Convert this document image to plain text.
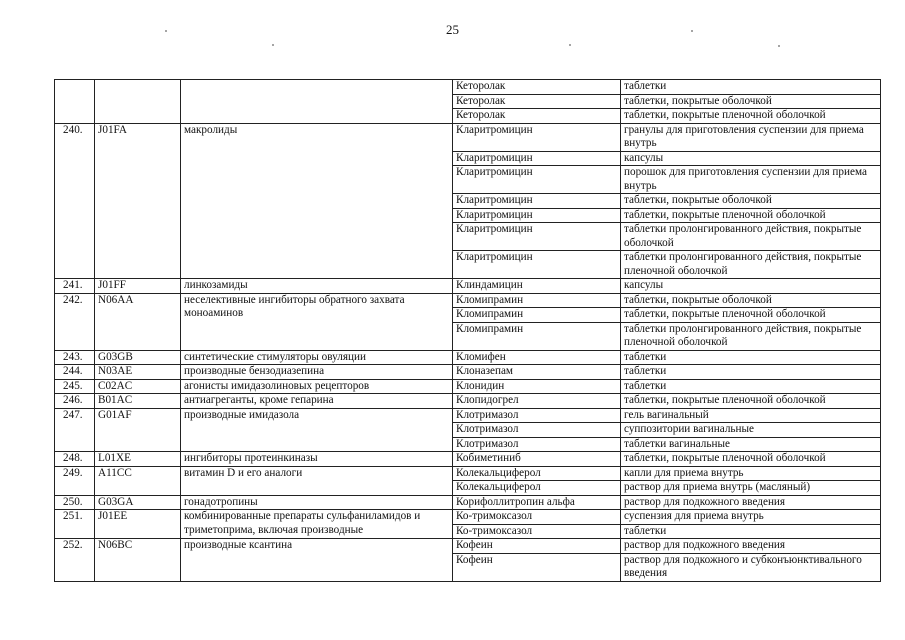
25
			Кеторолак	таблетки
			Кеторолак	таблетки, покрытые оболочкой
			Кеторолак	таблетки, покрытые пленочной оболочкой
240.	J01FA	макролиды	Кларитромицин	гранулы для приготовления суспензии для приема внутрь
			Кларитромицин	капсулы
			Кларитромицин	порошок для приготовления суспензии для приема внутрь
			Кларитромицин	таблетки, покрытые оболочкой
			Кларитромицин	таблетки, покрытые пленочной оболочкой
			Кларитромицин	таблетки пролонгированного действия, покрытые оболочкой
			Кларитромицин	таблетки пролонгированного действия, покрытые пленочной оболочкой
241.	J01FF	линкозамиды	Клиндамицин	капсулы
242.	N06AA	неселективные ингибиторы обратного захвата моноаминов	Кломипрамин	таблетки, покрытые оболочкой
			Кломипрамин	таблетки, покрытые пленочной оболочкой
			Кломипрамин	таблетки пролонгированного действия, покрытые пленочной оболочкой
243.	G03GB	синтетические стимуляторы овуляции	Кломифен	таблетки
244.	N03AE	производные бензодиазепина	Клоназепам	таблетки
245.	C02AC	агонисты имидазолиновых рецепторов	Клонидин	таблетки
246.	B01AC	антиагреганты, кроме гепарина	Клопидогрел	таблетки, покрытые пленочной оболочкой
247.	G01AF	производные имидазола	Клотримазол	гель вагинальный
			Клотримазол	суппозитории вагинальные
			Клотримазол	таблетки вагинальные
248.	L01XE	ингибиторы протеинкиназы	Кобиметиниб	таблетки, покрытые пленочной оболочкой
249.	A11CC	витамин D и его аналоги	Колекальциферол	капли для приема внутрь
			Колекальциферол	раствор для приема внутрь (масляный)
250.	G03GA	гонадотропины	Корифоллитропин альфа	раствор для подкожного введения
251.	J01EE	комбинированные препараты сульфаниламидов и триметоприма, включая производные	Ко-тримоксазол	суспензия для приема внутрь
			Ко-тримоксазол	таблетки
252.	N06BC	производные ксантина	Кофеин	раствор для подкожного введения
			Кофеин	раствор для подкожного и субконъюнктивального введения
